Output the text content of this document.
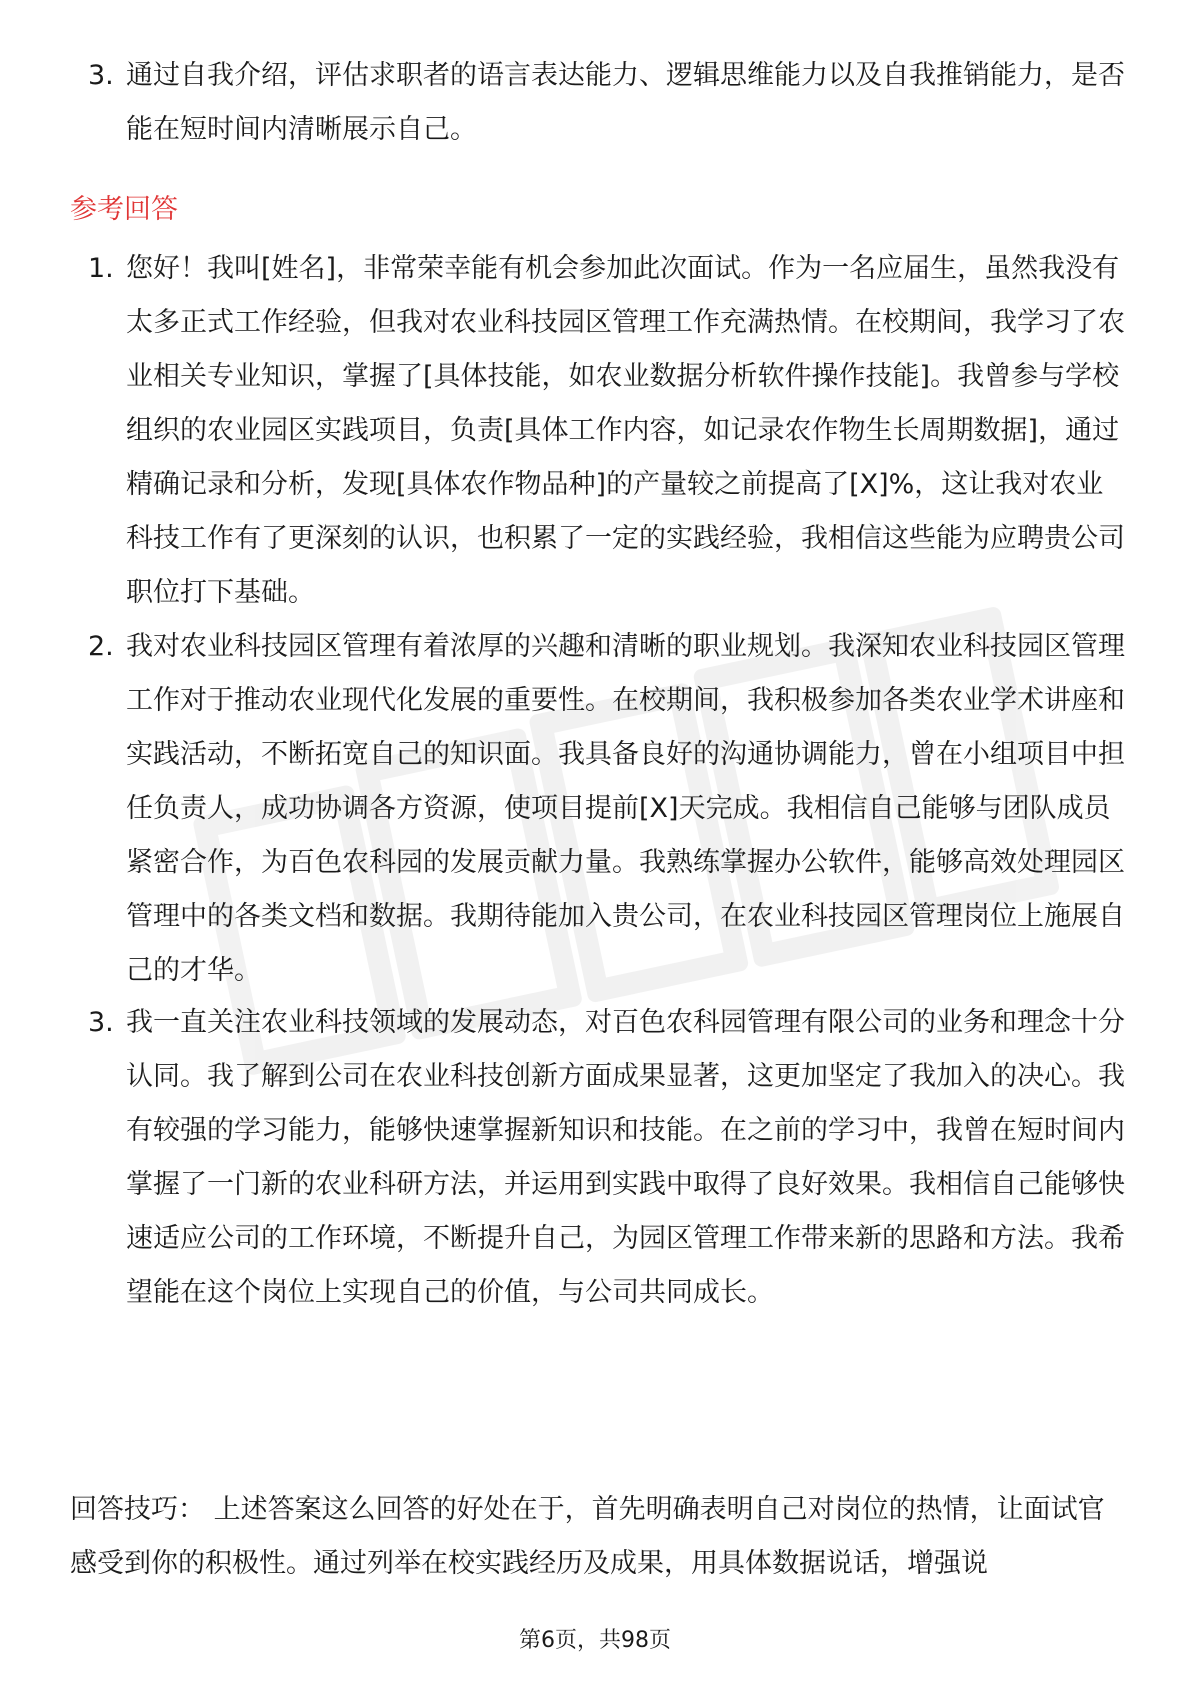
3. 通过自我介绍，评估求职者的语言表达能力、逻辑思维能力以及自我推销能力，是否能在短时间内清晰展示自己。
参考回答
1. 您好！我叫[姓名]，非常荣幸能有机会参加此次面试。作为一名应届生，虽然我没有太多正式工作经验，但我对农业科技园区管理工作充满热情。在校期间，我学习了农业相关专业知识，掌握了[具体技能，如农业数据分析软件操作技能]。我曾参与学校组织的农业园区实践项目，负责[具体工作内容，如记录农作物生长周期数据]，通过精确记录和分析，发现[具体农作物品种]的产量较之前提高了[X]%，这让我对农业科技工作有了更深刻的认识，也积累了一定的实践经验，我相信这些能为应聘贵公司职位打下基础。
2. 我对农业科技园区管理有着浓厚的兴趣和清晰的职业规划。我深知农业科技园区管理工作对于推动农业现代化发展的重要性。在校期间，我积极参加各类农业学术讲座和实践活动，不断拓宽自己的知识面。我具备良好的沟通协调能力，曾在小组项目中担任负责人，成功协调各方资源，使项目提前[X]天完成。我相信自己能够与团队成员紧密合作，为百色农科园的发展贡献力量。我熟练掌握办公软件，能够高效处理园区管理中的各类文档和数据。我期待能加入贵公司，在农业科技园区管理岗位上施展自己的才华。
3. 我一直关注农业科技领域的发展动态，对百色农科园管理有限公司的业务和理念十分认同。我了解到公司在农业科技创新方面成果显著，这更加坚定了我加入的决心。我有较强的学习能力，能够快速掌握新知识和技能。在之前的学习中，我曾在短时间内掌握了一门新的农业科研方法，并运用到实践中取得了良好效果。我相信自己能够快速适应公司的工作环境，不断提升自己，为园区管理工作带来新的思路和方法。我希望能在这个岗位上实现自己的价值，与公司共同成长。
回答技巧： 上述答案这么回答的好处在于，首先明确表明自己对岗位的热情，让面试官感受到你的积极性。通过列举在校实践经历及成果，用具体数据说话，增强说
第6页，共98页
